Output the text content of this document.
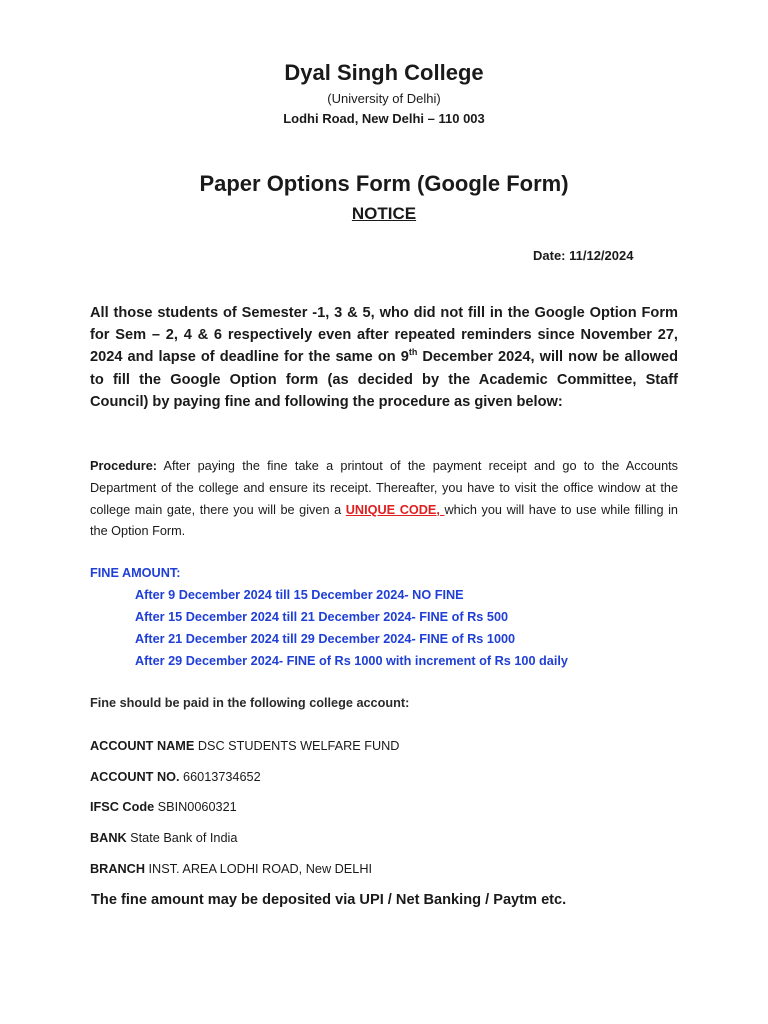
Dyal Singh College
(University of Delhi)
Lodhi Road, New Delhi – 110 003
Paper Options Form (Google Form)
NOTICE
Date: 11/12/2024
All those students of Semester -1, 3 & 5, who did not fill in the Google Option Form for Sem – 2, 4 & 6 respectively even after repeated reminders since November 27, 2024 and lapse of deadline for the same on 9th December 2024, will now be allowed to fill the Google Option form (as decided by the Academic Committee, Staff Council) by paying fine and following the procedure as given below:
Procedure: After paying the fine take a printout of the payment receipt and go to the Accounts Department of the college and ensure its receipt. Thereafter, you have to visit the office window at the college main gate, there you will be given a UNIQUE CODE, which you will have to use while filling in the Option Form.
FINE AMOUNT:
After 9 December 2024 till 15 December 2024- NO FINE
After 15 December 2024 till 21 December 2024- FINE of Rs 500
After 21 December 2024 till 29 December 2024- FINE of Rs 1000
After 29 December 2024- FINE of Rs 1000 with increment of Rs 100 daily
Fine should be paid in the following college account:
ACCOUNT NAME DSC STUDENTS WELFARE FUND
ACCOUNT NO. 66013734652
IFSC Code SBIN0060321
BANK State Bank of India
BRANCH INST. AREA LODHI ROAD, New DELHI
The fine amount may be deposited via UPI / Net Banking / Paytm etc.
